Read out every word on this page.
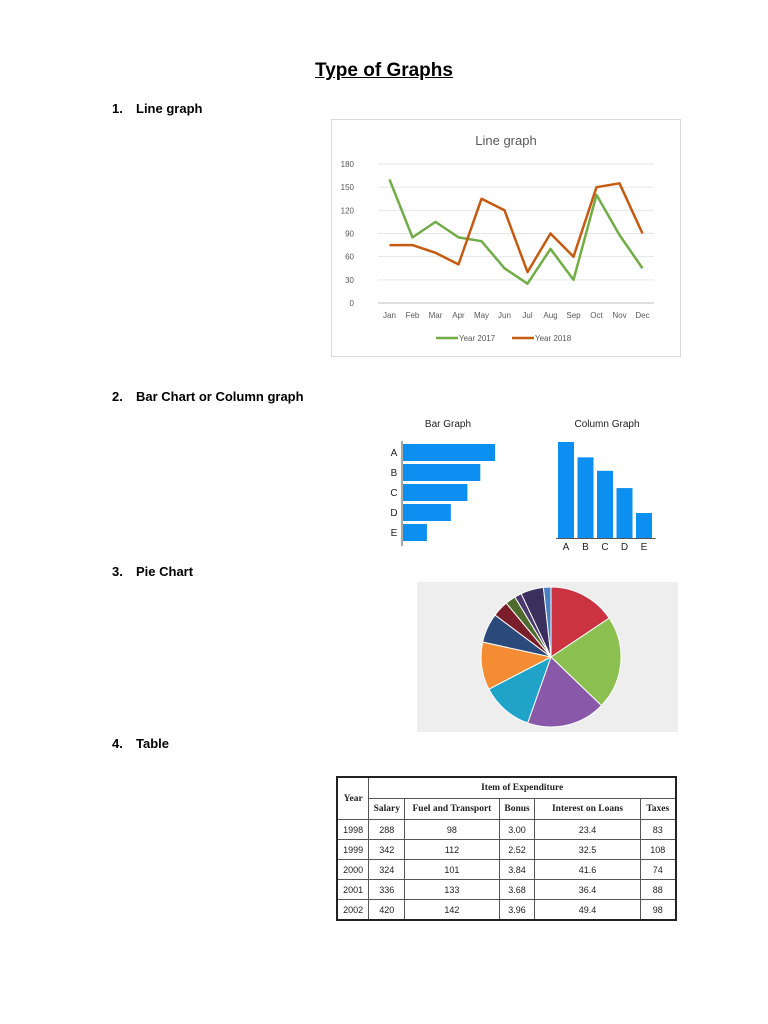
Type of Graphs
1. Line graph
2. Bar Chart or Column graph
3. Pie Chart
4. Table
Line graph
0
30
60
90
120
150
180
Jan Feb Mar Apr May Jun Jul Aug Sep Oct Nov Dec
Year 2017	Year 2018
Bar Graph
A
B
C
D
E
Column Graph
A B C D E
Year	Item of Expenditure				
	Salary	Fuel and Transport	Bonus	Interest on Loans	Taxes
1998	288	98	3.00	23.4	83
1999	342	112	2.52	32.5	108
2000	324	101	3.84	41.6	74
2001	336	133	3.68	36.4	88
2002	420	142	3.96	49.4	98
